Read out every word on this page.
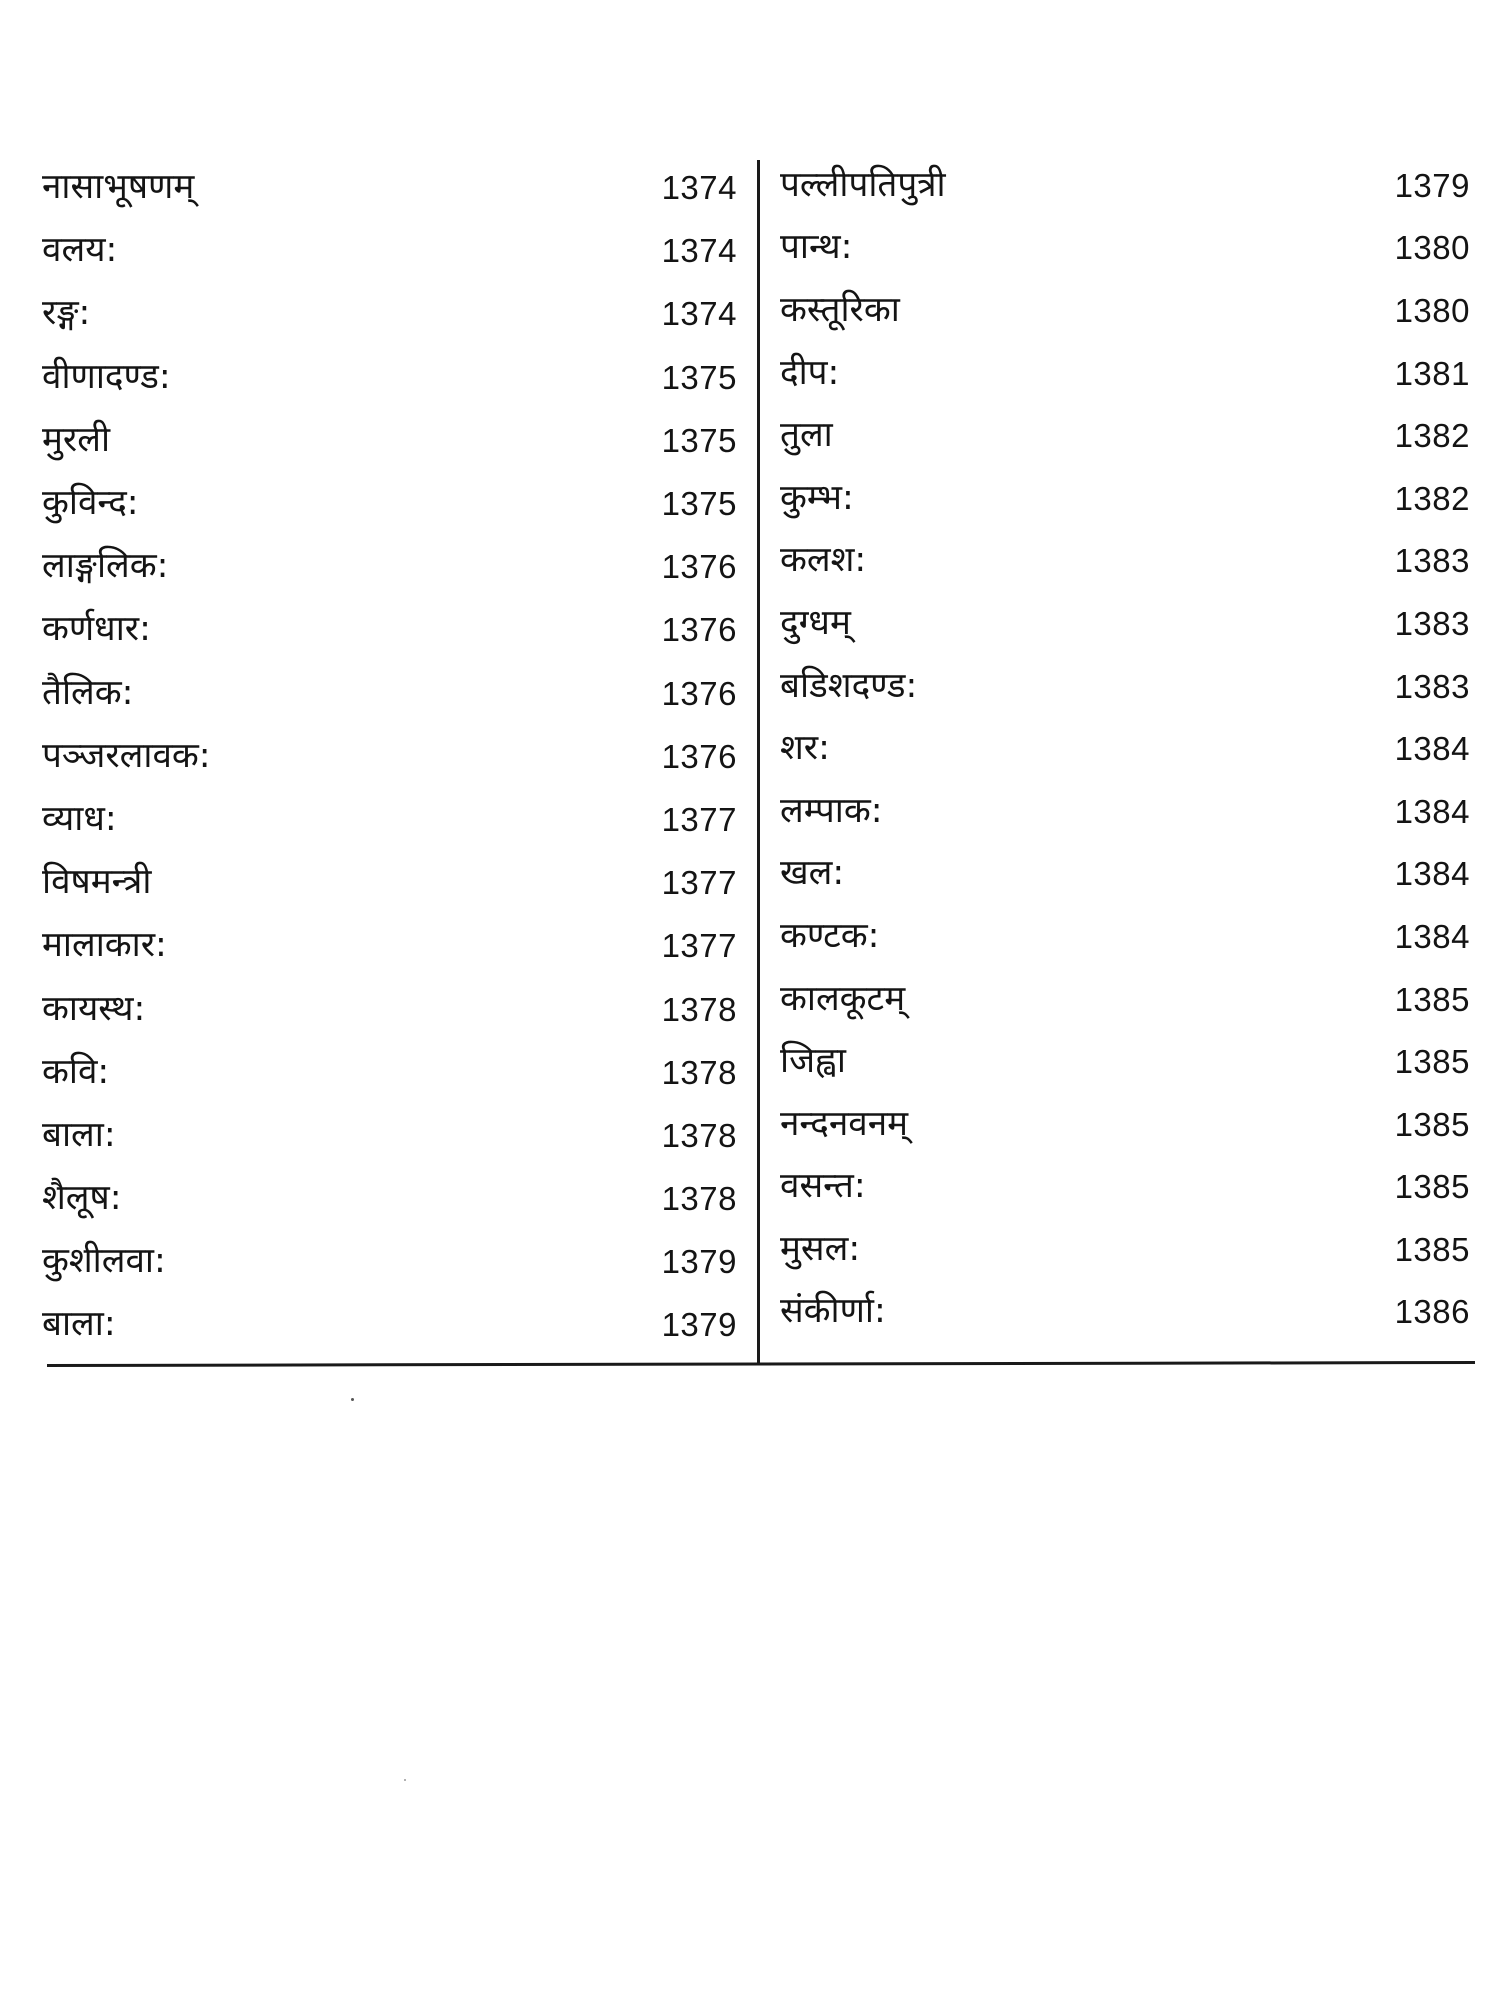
नासाभूषणम्	1374
वलय:	1374
रङ्ग:	1374
वीणादण्ड:	1375
मुरली	1375
कुविन्द:	1375
लाङ्गलिक:	1376
कर्णधार:	1376
तैलिक:	1376
पञ्जरलावक:	1376
व्याध:	1377
विषमन्त्री	1377
मालाकार:	1377
कायस्थ:	1378
कवि:	1378
बाला:	1378
शैलूष:	1378
कुशीलवा:	1379
बाला:	1379
पल्लीपतिपुत्री	1379
पान्थ:	1380
कस्तूरिका	1380
दीप:	1381
तुला	1382
कुम्भ:	1382
कलश:	1383
दुग्धम्	1383
बडिशदण्ड:	1383
शर:	1384
लम्पाक:	1384
खल:	1384
कण्टक:	1384
कालकूटम्	1385
जिह्वा	1385
नन्दनवनम्	1385
वसन्त:	1385
मुसल:	1385
संकीर्णा:	1386
